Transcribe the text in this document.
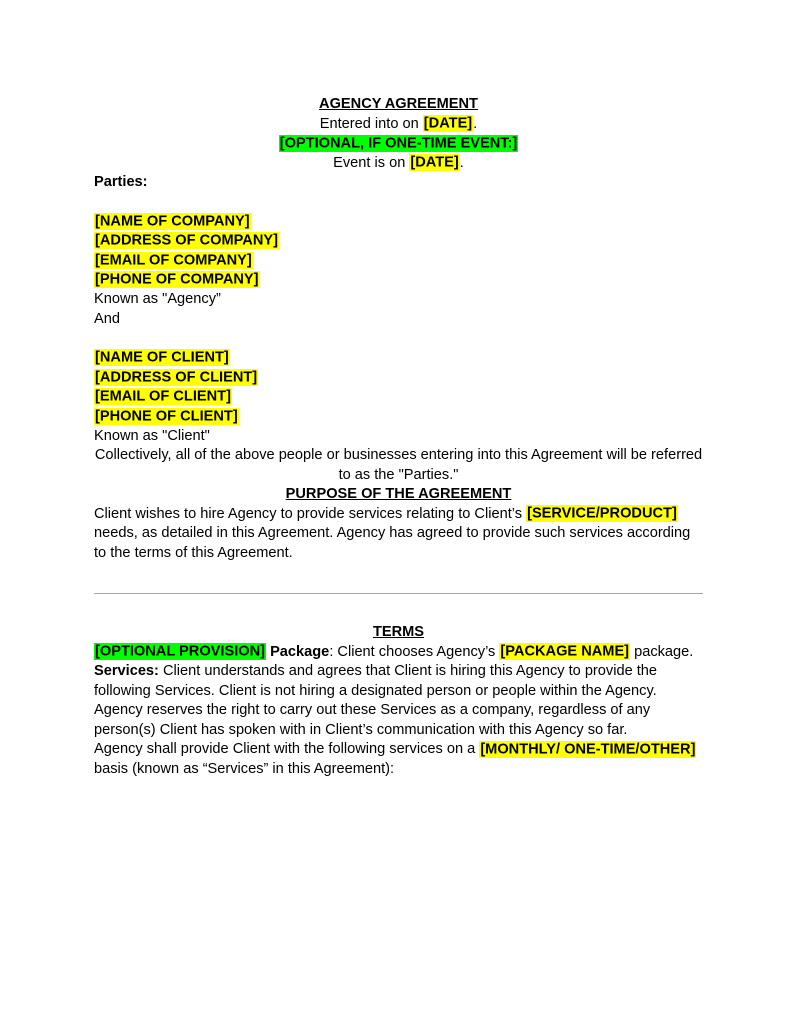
AGENCY AGREEMENT

Entered into on [DATE].

[OPTIONAL, IF ONE-TIME EVENT:]

Event is on [DATE].

Parties:

[NAME OF COMPANY]

[ADDRESS OF COMPANY]

[EMAIL OF COMPANY]

[PHONE OF COMPANY]

Known as "Agency”

And

[NAME OF CLIENT]

[ADDRESS OF CLIENT]

[EMAIL OF CLIENT]

[PHONE OF CLIENT]

Known as "Client"

Collectively, all of the above people or businesses entering into this Agreement will be referred to as the "Parties."

PURPOSE OF THE AGREEMENT

Client wishes to hire Agency to provide services relating to Client’s [SERVICE/PRODUCT] needs, as detailed in this Agreement. Agency has agreed to provide such services according to the terms of this Agreement.

TERMS

[OPTIONAL PROVISION] Package: Client chooses Agency’s [PACKAGE NAME] package.

Services: Client understands and agrees that Client is hiring this Agency to provide the following Services. Client is not hiring a designated person or people within the Agency. Agency reserves the right to carry out these Services as a company, regardless of any person(s) Client has spoken with in Client’s communication with this Agency so far.

Agency shall provide Client with the following services on a [MONTHLY/ ONE-TIME/OTHER] basis (known as “Services” in this Agreement):
